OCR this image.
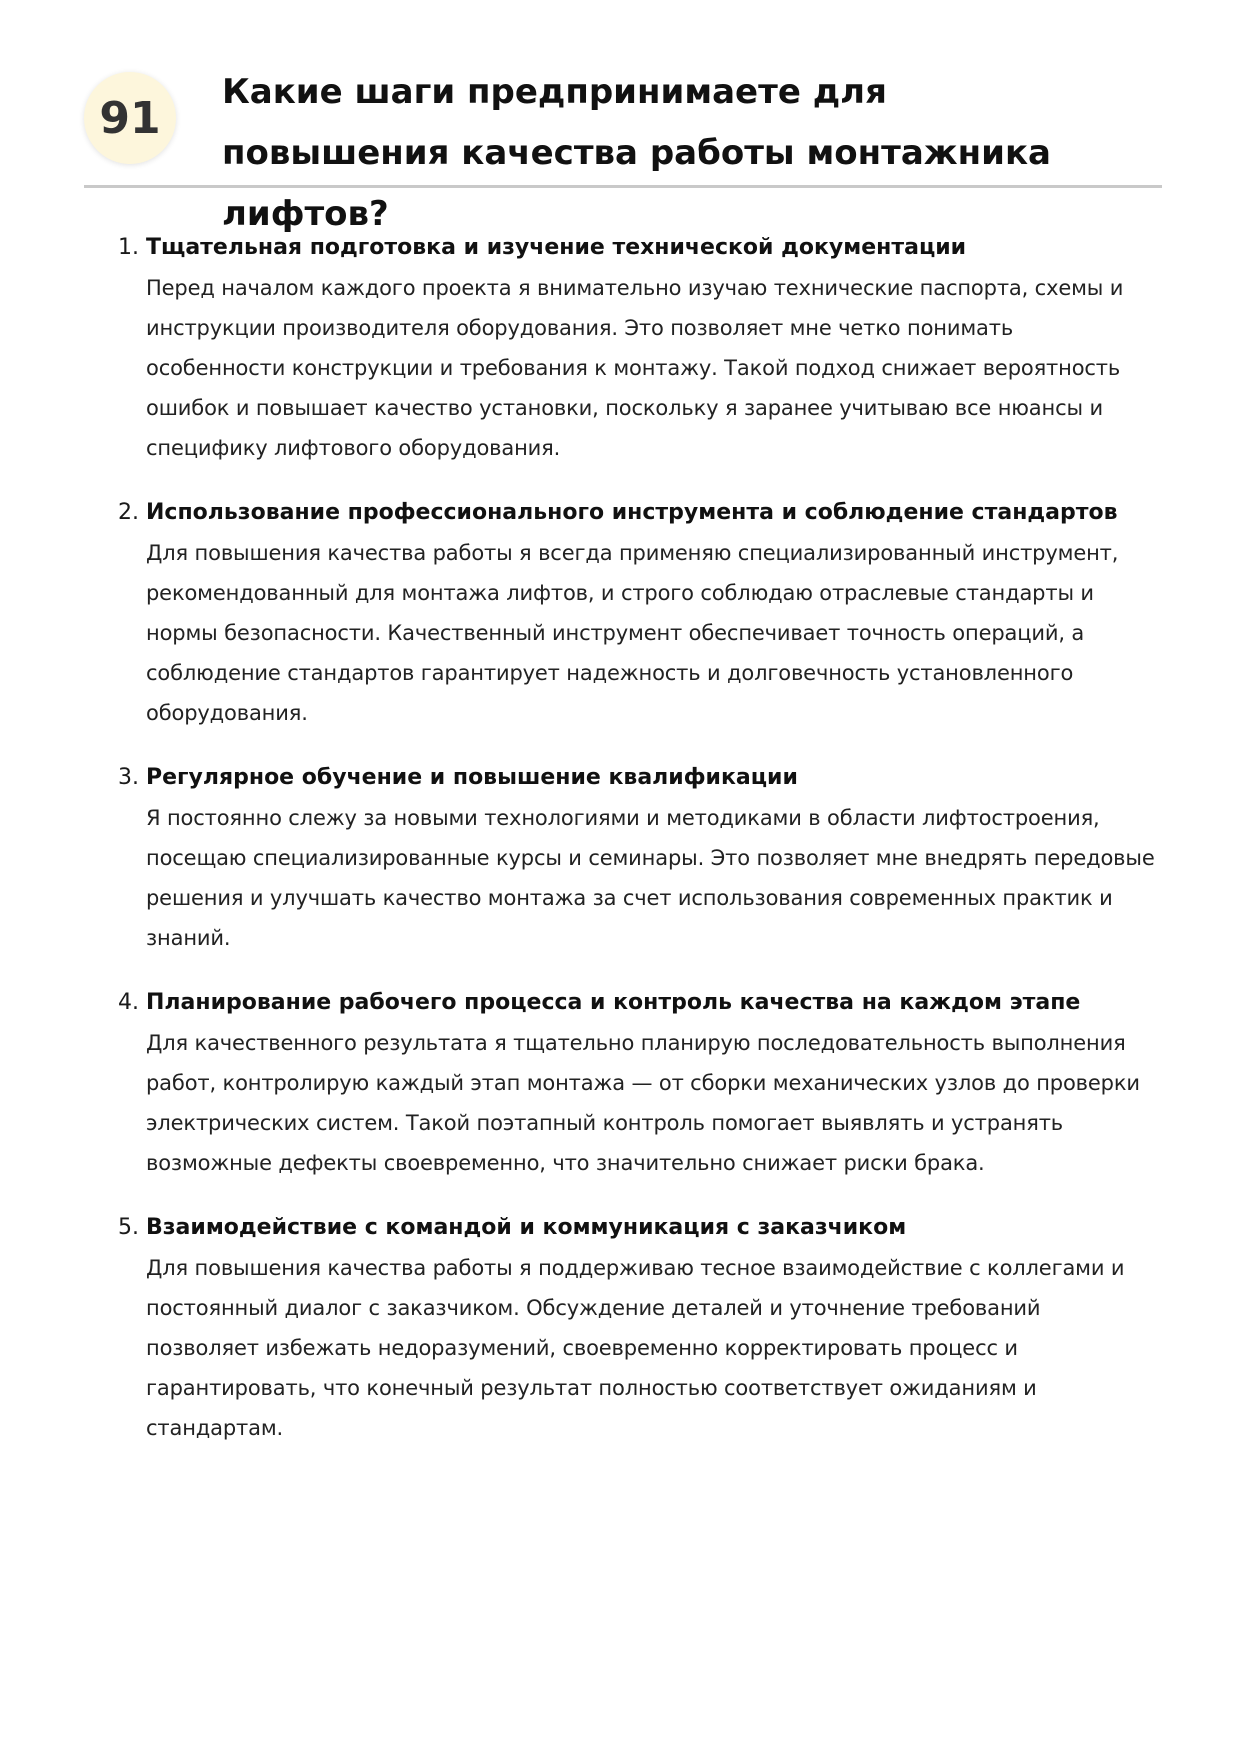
91
Какие шаги предпринимаете для повышения качества работы монтажника лифтов?
1. Тщательная подготовка и изучение технической документации

Перед началом каждого проекта я внимательно изучаю технические паспорта, схемы и инструкции производителя оборудования. Это позволяет мне четко понимать особенности конструкции и требования к монтажу. Такой подход снижает вероятность ошибок и повышает качество установки, поскольку я заранее учитываю все нюансы и специфику лифтового оборудования.

2. Использование профессионального инструмента и соблюдение стандартов

Для повышения качества работы я всегда применяю специализированный инструмент, рекомендованный для монтажа лифтов, и строго соблюдаю отраслевые стандарты и нормы безопасности. Качественный инструмент обеспечивает точность операций, а соблюдение стандартов гарантирует надежность и долговечность установленного оборудования.

3. Регулярное обучение и повышение квалификации

Я постоянно слежу за новыми технологиями и методиками в области лифтостроения, посещаю специализированные курсы и семинары. Это позволяет мне внедрять передовые решения и улучшать качество монтажа за счет использования современных практик и знаний.

4. Планирование рабочего процесса и контроль качества на каждом этапе

Для качественного результата я тщательно планирую последовательность выполнения работ, контролирую каждый этап монтажа — от сборки механических узлов до проверки электрических систем. Такой поэтапный контроль помогает выявлять и устранять возможные дефекты своевременно, что значительно снижает риски брака.

5. Взаимодействие с командой и коммуникация с заказчиком

Для повышения качества работы я поддерживаю тесное взаимодействие с коллегами и постоянный диалог с заказчиком. Обсуждение деталей и уточнение требований позволяет избежать недоразумений, своевременно корректировать процесс и гарантировать, что конечный результат полностью соответствует ожиданиям и стандартам.
